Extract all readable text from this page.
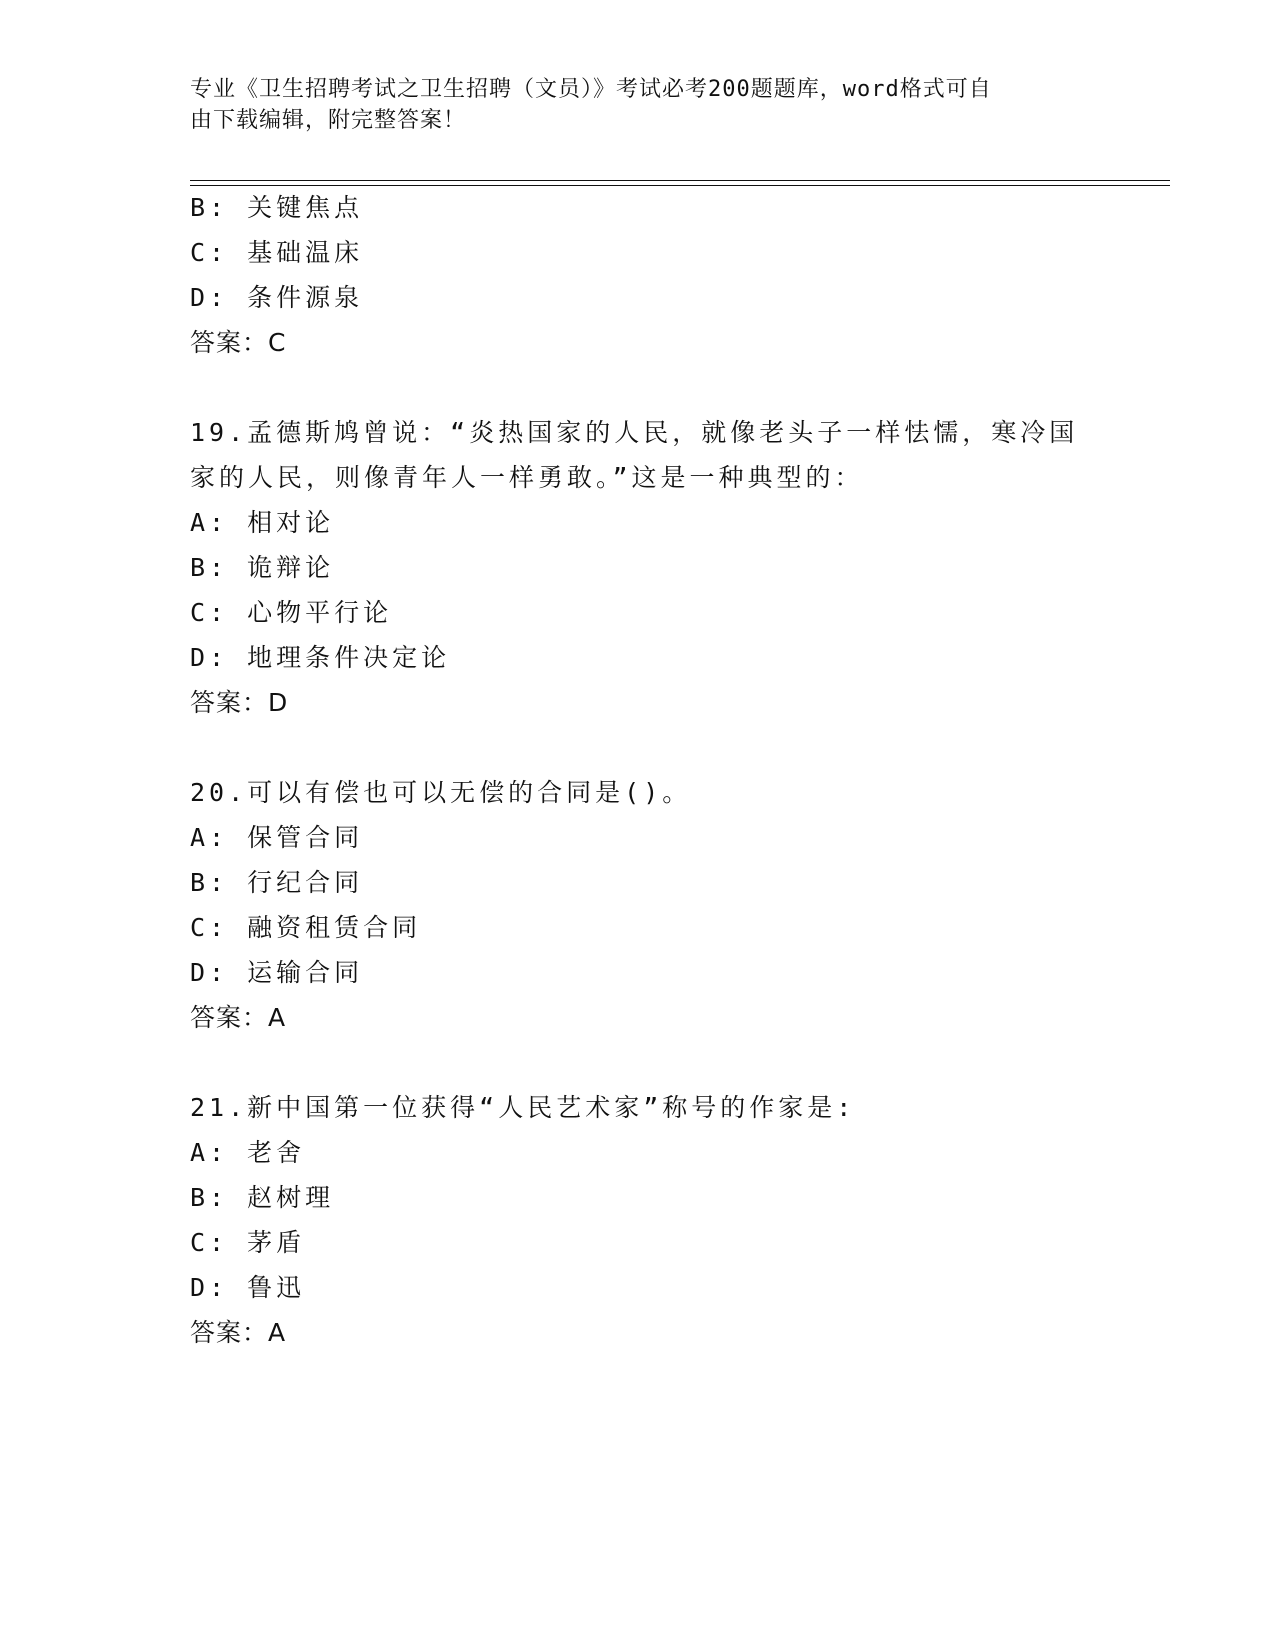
专业《卫生招聘考试之卫生招聘（文员）》考试必考200题题库，word格式可自
由下载编辑，附完整答案！
B: 关键焦点
C: 基础温床
D: 条件源泉
答案：C
19.孟德斯鸠曾说：“炎热国家的人民，就像老头子一样怯懦，寒冷国
家的人民，则像青年人一样勇敢。”这是一种典型的：
A: 相对论
B: 诡辩论
C: 心物平行论
D: 地理条件决定论
答案：D
20.可以有偿也可以无偿的合同是()。
A: 保管合同
B: 行纪合同
C: 融资租赁合同
D: 运输合同
答案：A
21.新中国第一位获得“人民艺术家”称号的作家是:
A: 老舍
B: 赵树理
C: 茅盾
D: 鲁迅
答案：A
